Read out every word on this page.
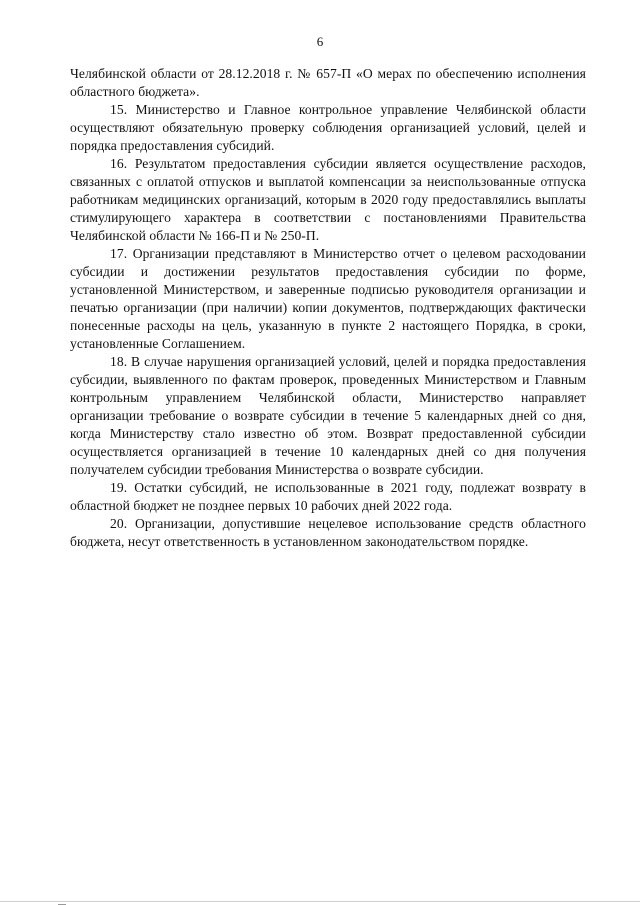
6

Челябинской области от 28.12.2018 г. № 657-П «О мерах по обеспечению исполнения областного бюджета».

15. Министерство и Главное контрольное управление Челябинской области осуществляют обязательную проверку соблюдения организацией условий, целей и порядка предоставления субсидий.

16. Результатом предоставления субсидии является осуществление расходов, связанных с оплатой отпусков и выплатой компенсации за неиспользованные отпуска работникам медицинских организаций, которым в 2020 году предоставлялись выплаты стимулирующего характера в соответствии с постановлениями Правительства Челябинской области № 166-П и № 250-П.

17. Организации представляют в Министерство отчет о целевом расходовании субсидии и достижении результатов предоставления субсидии по форме, установленной Министерством, и заверенные подписью руководителя организации и печатью организации (при наличии) копии документов, подтверждающих фактически понесенные расходы на цель, указанную в пункте 2 настоящего Порядка, в сроки, установленные Соглашением.

18. В случае нарушения организацией условий, целей и порядка предоставления субсидии, выявленного по фактам проверок, проведенных Министерством и Главным контрольным управлением Челябинской области, Министерство направляет организации требование о возврате субсидии в течение 5 календарных дней со дня, когда Министерству стало известно об этом. Возврат предоставленной субсидии осуществляется организацией в течение 10 календарных дней со дня получения получателем субсидии требования Министерства о возврате субсидии.

19. Остатки субсидий, не использованные в 2021 году, подлежат возврату в областной бюджет не позднее первых 10 рабочих дней 2022 года.

20. Организации, допустившие нецелевое использование средств областного бюджета, несут ответственность в установленном законодательством порядке.
